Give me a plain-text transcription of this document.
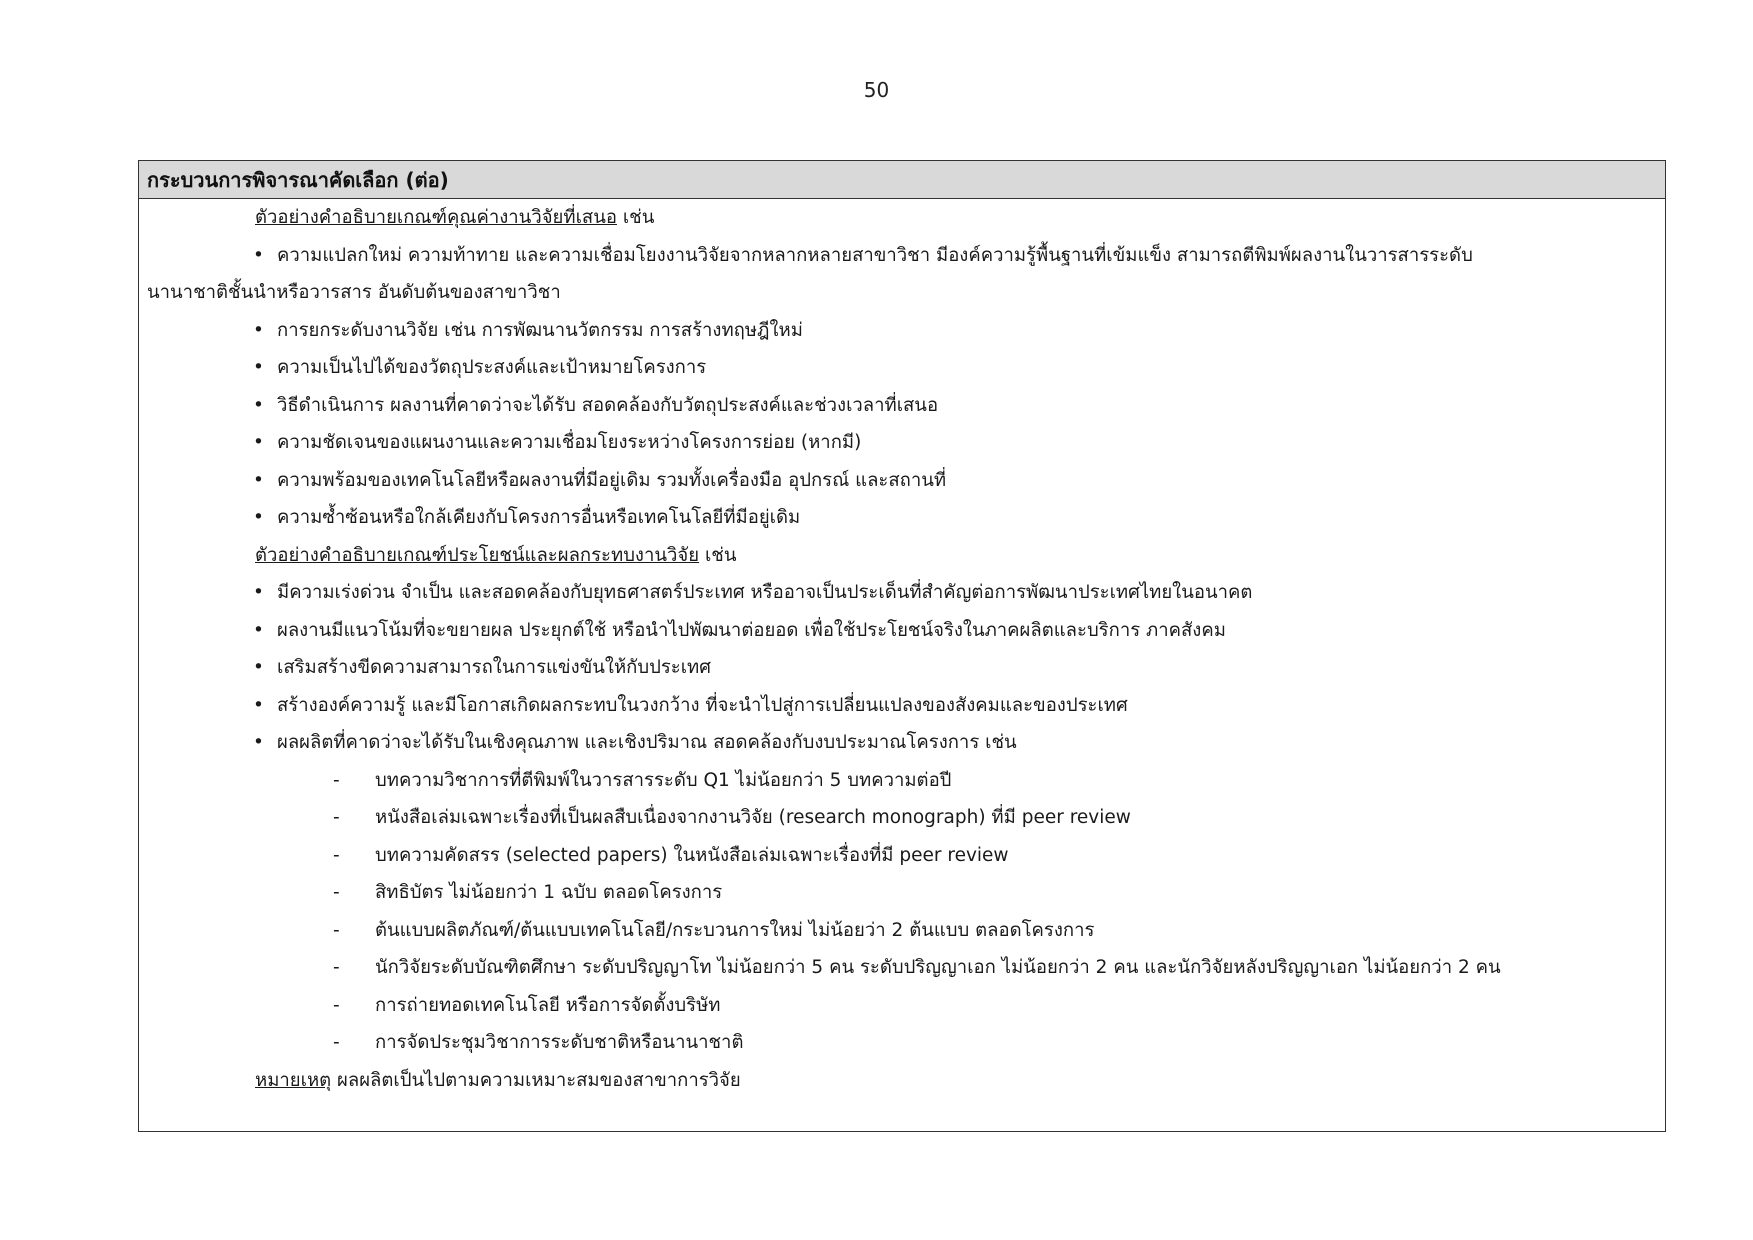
50
กระบวนการพิจารณาคัดเลือก (ต่อ)
ตัวอย่างคำอธิบายเกณฑ์คุณค่างานวิจัยที่เสนอ เช่น
• ความแปลกใหม่ ความท้าทาย และความเชื่อมโยงงานวิจัยจากหลากหลายสาขาวิชา มีองค์ความรู้พื้นฐานที่เข้มแข็ง สามารถตีพิมพ์ผลงานในวารสารระดับ
นานาชาติชั้นนำหรือวารสาร อันดับต้นของสาขาวิชา
• การยกระดับงานวิจัย เช่น การพัฒนานวัตกรรม การสร้างทฤษฎีใหม่
• ความเป็นไปได้ของวัตถุประสงค์และเป้าหมายโครงการ
• วิธีดำเนินการ ผลงานที่คาดว่าจะได้รับ สอดคล้องกับวัตถุประสงค์และช่วงเวลาที่เสนอ
• ความชัดเจนของแผนงานและความเชื่อมโยงระหว่างโครงการย่อย (หากมี)
• ความพร้อมของเทคโนโลยีหรือผลงานที่มีอยู่เดิม รวมทั้งเครื่องมือ อุปกรณ์ และสถานที่
• ความซ้ำซ้อนหรือใกล้เคียงกับโครงการอื่นหรือเทคโนโลยีที่มีอยู่เดิม
ตัวอย่างคำอธิบายเกณฑ์ประโยชน์และผลกระทบงานวิจัย เช่น
• มีความเร่งด่วน จำเป็น และสอดคล้องกับยุทธศาสตร์ประเทศ หรืออาจเป็นประเด็นที่สำคัญต่อการพัฒนาประเทศไทยในอนาคต
• ผลงานมีแนวโน้มที่จะขยายผล ประยุกต์ใช้ หรือนำไปพัฒนาต่อยอด เพื่อใช้ประโยชน์จริงในภาคผลิตและบริการ ภาคสังคม
• เสริมสร้างขีดความสามารถในการแข่งขันให้กับประเทศ
• สร้างองค์ความรู้ และมีโอกาสเกิดผลกระทบในวงกว้าง ที่จะนำไปสู่การเปลี่ยนแปลงของสังคมและของประเทศ
• ผลผลิตที่คาดว่าจะได้รับในเชิงคุณภาพ และเชิงปริมาณ สอดคล้องกับงบประมาณโครงการ เช่น
- บทความวิชาการที่ตีพิมพ์ในวารสารระดับ Q1 ไม่น้อยกว่า 5 บทความต่อปี
- หนังสือเล่มเฉพาะเรื่องที่เป็นผลสืบเนื่องจากงานวิจัย (research monograph) ที่มี peer review
- บทความคัดสรร (selected papers) ในหนังสือเล่มเฉพาะเรื่องที่มี peer review
- สิทธิบัตร ไม่น้อยกว่า 1 ฉบับ ตลอดโครงการ
- ต้นแบบผลิตภัณฑ์/ต้นแบบเทคโนโลยี/กระบวนการใหม่ ไม่น้อยว่า 2 ต้นแบบ ตลอดโครงการ
- นักวิจัยระดับบัณฑิตศึกษา ระดับปริญญาโท ไม่น้อยกว่า 5 คน ระดับปริญญาเอก ไม่น้อยกว่า 2 คน และนักวิจัยหลังปริญญาเอก ไม่น้อยกว่า 2 คน
- การถ่ายทอดเทคโนโลยี หรือการจัดตั้งบริษัท
- การจัดประชุมวิชาการระดับชาติหรือนานาชาติ
หมายเหตุ ผลผลิตเป็นไปตามความเหมาะสมของสาขาการวิจัย
